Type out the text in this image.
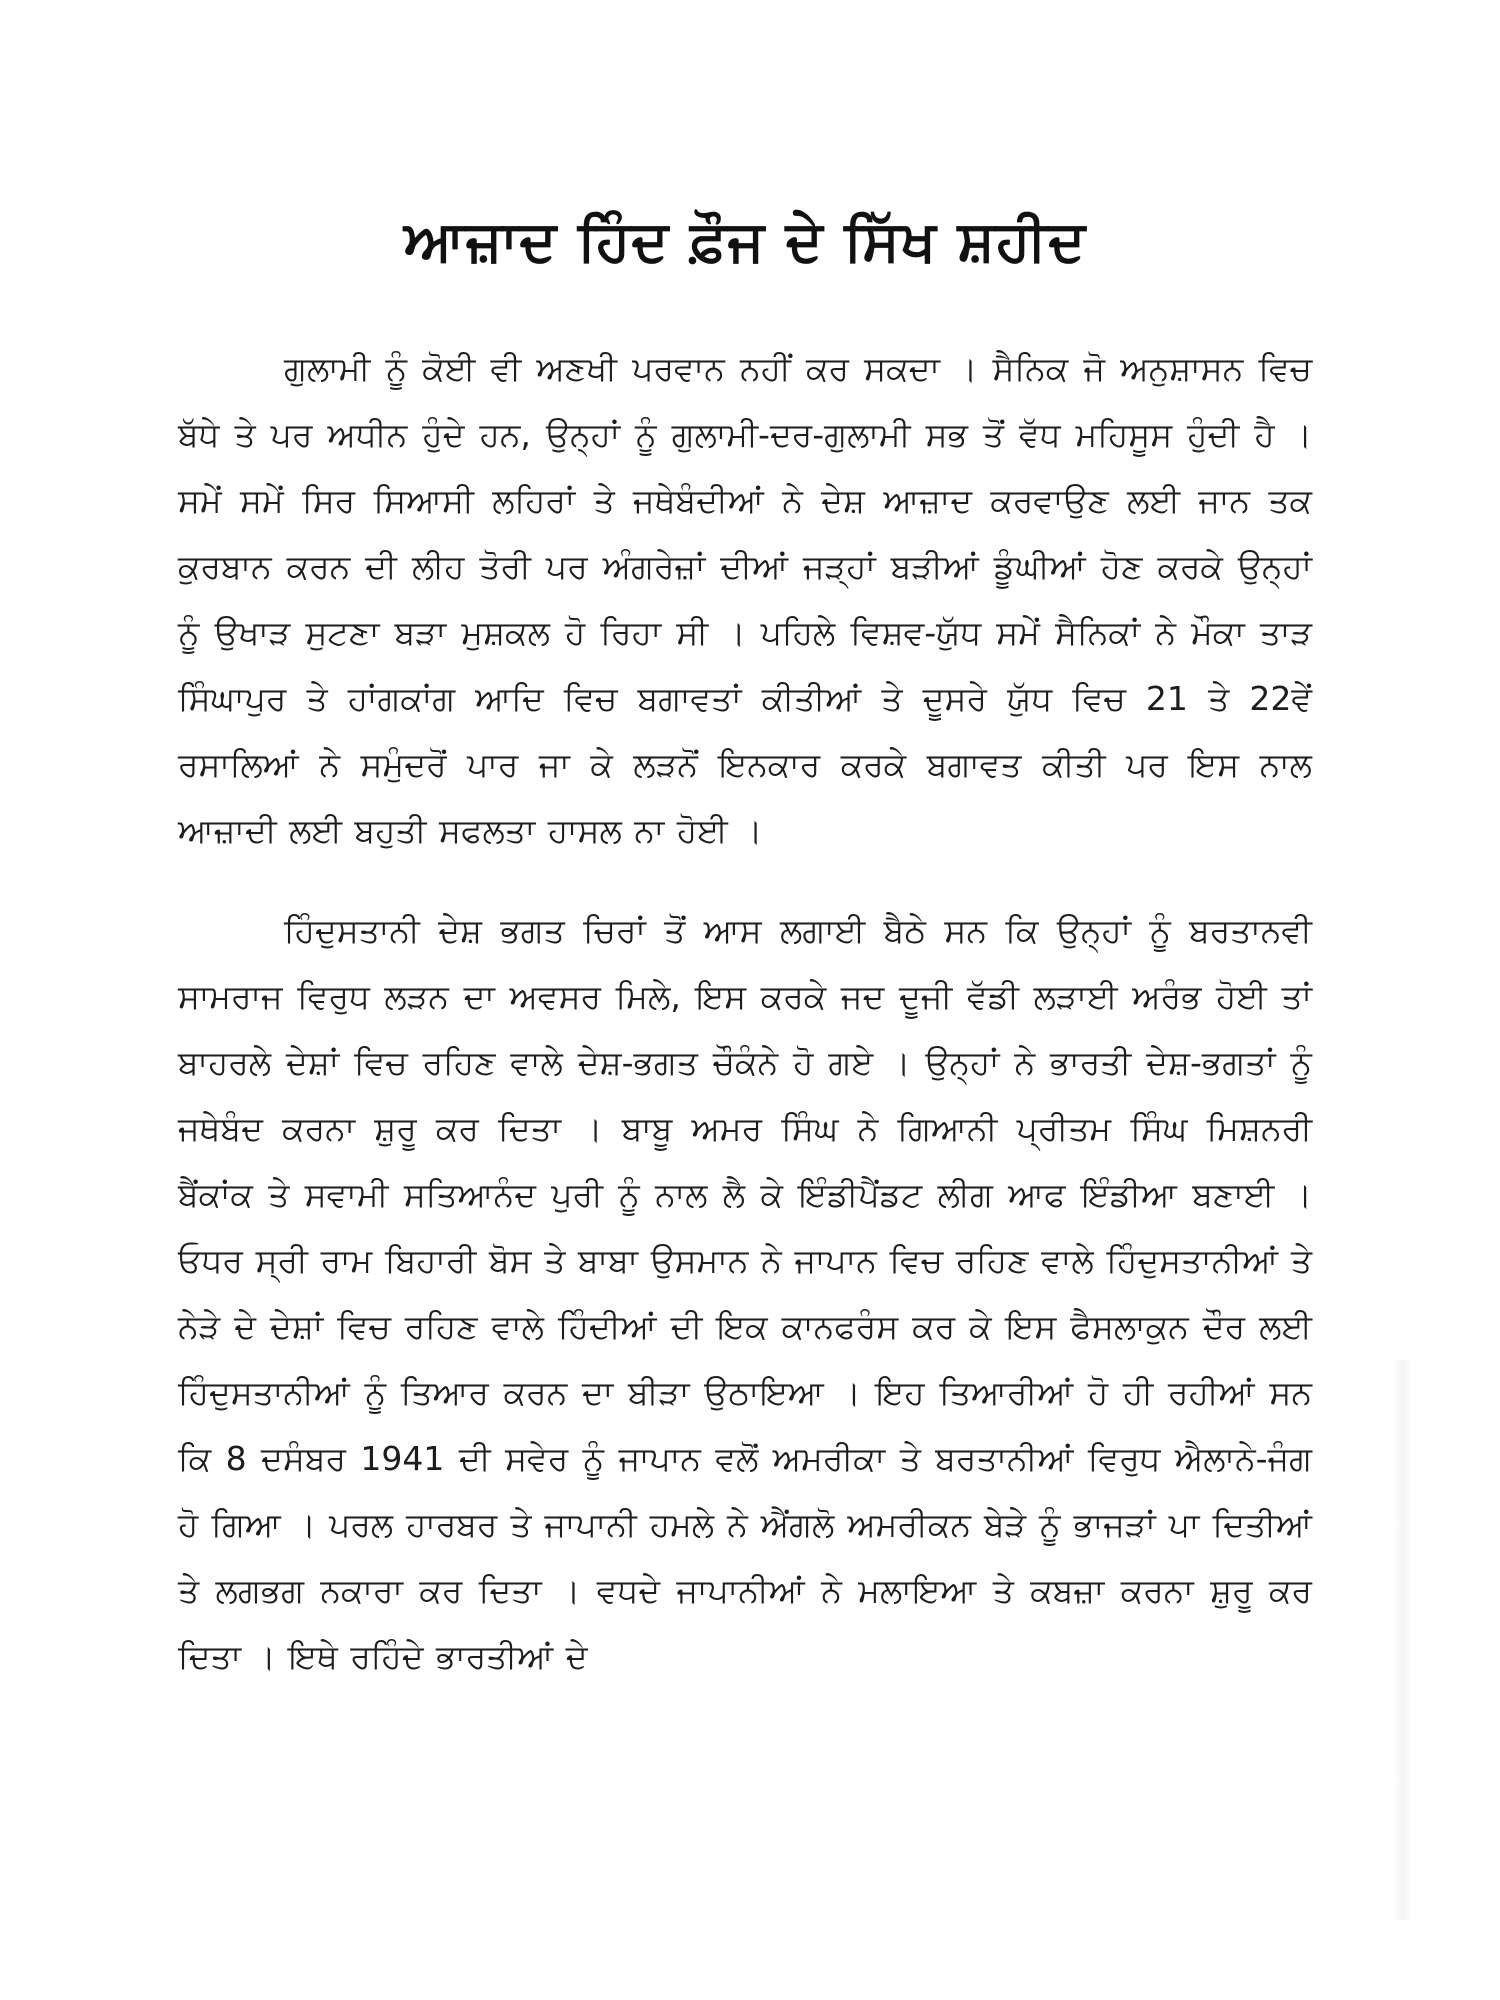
ਆਜ਼ਾਦ ਹਿੰਦ ਫ਼ੌਜ ਦੇ ਸਿੱਖ ਸ਼ਹੀਦ

ਗੁਲਾਮੀ ਨੂੰ ਕੋਈ ਵੀ ਅਣਖੀ ਪਰਵਾਨ ਨਹੀਂ ਕਰ ਸਕਦਾ । ਸੈਨਿਕ ਜੋ ਅਨੁਸ਼ਾਸਨ ਵਿਚ ਬੱਧੇ ਤੇ ਪਰ ਅਧੀਨ ਹੁੰਦੇ ਹਨ, ਉਨ੍ਹਾਂ ਨੂੰ ਗੁਲਾਮੀ-ਦਰ-ਗੁਲਾਮੀ ਸਭ ਤੋਂ ਵੱਧ ਮਹਿਸੂਸ ਹੁੰਦੀ ਹੈ । ਸਮੇਂ ਸਮੇਂ ਸਿਰ ਸਿਆਸੀ ਲਹਿਰਾਂ ਤੇ ਜਥੇਬੰਦੀਆਂ ਨੇ ਦੇਸ਼ ਆਜ਼ਾਦ ਕਰਵਾਉਣ ਲਈ ਜਾਨ ਤਕ ਕੁਰਬਾਨ ਕਰਨ ਦੀ ਲੀਹ ਤੋਰੀ ਪਰ ਅੰਗਰੇਜ਼ਾਂ ਦੀਆਂ ਜੜ੍ਹਾਂ ਬੜੀਆਂ ਡੂੰਘੀਆਂ ਹੋਣ ਕਰਕੇ ਉਨ੍ਹਾਂ ਨੂੰ ਉਖਾੜ ਸੁਟਣਾ ਬੜਾ ਮੁਸ਼ਕਲ ਹੋ ਰਿਹਾ ਸੀ । ਪਹਿਲੇ ਵਿਸ਼ਵ-ਯੁੱਧ ਸਮੇਂ ਸੈਨਿਕਾਂ ਨੇ ਮੌਕਾ ਤਾੜ ਸਿੰਘਾਪੁਰ ਤੇ ਹਾਂਗਕਾਂਗ ਆਦਿ ਵਿਚ ਬਗਾਵਤਾਂ ਕੀਤੀਆਂ ਤੇ ਦੂਸਰੇ ਯੁੱਧ ਵਿਚ 21 ਤੇ 22ਵੇਂ ਰਸਾਲਿਆਂ ਨੇ ਸਮੁੰਦਰੋਂ ਪਾਰ ਜਾ ਕੇ ਲੜਨੋਂ ਇਨਕਾਰ ਕਰਕੇ ਬਗਾਵਤ ਕੀਤੀ ਪਰ ਇਸ ਨਾਲ ਆਜ਼ਾਦੀ ਲਈ ਬਹੁਤੀ ਸਫਲਤਾ ਹਾਸਲ ਨਾ ਹੋਈ ।

ਹਿੰਦੁਸਤਾਨੀ ਦੇਸ਼ ਭਗਤ ਚਿਰਾਂ ਤੋਂ ਆਸ ਲਗਾਈ ਬੈਠੇ ਸਨ ਕਿ ਉਨ੍ਹਾਂ ਨੂੰ ਬਰਤਾਨਵੀ ਸਾਮਰਾਜ ਵਿਰੁਧ ਲੜਨ ਦਾ ਅਵਸਰ ਮਿਲੇ, ਇਸ ਕਰਕੇ ਜਦ ਦੂਜੀ ਵੱਡੀ ਲੜਾਈ ਅਰੰਭ ਹੋਈ ਤਾਂ ਬਾਹਰਲੇ ਦੇਸ਼ਾਂ ਵਿਚ ਰਹਿਣ ਵਾਲੇ ਦੇਸ਼-ਭਗਤ ਚੌਕੰਨੇ ਹੋ ਗਏ । ਉਨ੍ਹਾਂ ਨੇ ਭਾਰਤੀ ਦੇਸ਼-ਭਗਤਾਂ ਨੂੰ ਜਥੇਬੰਦ ਕਰਨਾ ਸ਼ੁਰੂ ਕਰ ਦਿਤਾ । ਬਾਬੂ ਅਮਰ ਸਿੰਘ ਨੇ ਗਿਆਨੀ ਪ੍ਰੀਤਮ ਸਿੰਘ ਮਿਸ਼ਨਰੀ ਬੈਂਕਾਂਕ ਤੇ ਸਵਾਮੀ ਸਤਿਆਨੰਦ ਪੁਰੀ ਨੂੰ ਨਾਲ ਲੈ ਕੇ ਇੰਡੀਪੈਂਡਟ ਲੀਗ ਆਫ ਇੰਡੀਆ ਬਣਾਈ । ਓਧਰ ਸ੍ਰੀ ਰਾਮ ਬਿਹਾਰੀ ਬੋਸ ਤੇ ਬਾਬਾ ਉਸਮਾਨ ਨੇ ਜਾਪਾਨ ਵਿਚ ਰਹਿਣ ਵਾਲੇ ਹਿੰਦੁਸਤਾਨੀਆਂ ਤੇ ਨੇੜੇ ਦੇ ਦੇਸ਼ਾਂ ਵਿਚ ਰਹਿਣ ਵਾਲੇ ਹਿੰਦੀਆਂ ਦੀ ਇਕ ਕਾਨਫਰੰਸ ਕਰ ਕੇ ਇਸ ਫੈਸਲਾਕੁਨ ਦੌਰ ਲਈ ਹਿੰਦੁਸਤਾਨੀਆਂ ਨੂੰ ਤਿਆਰ ਕਰਨ ਦਾ ਬੀੜਾ ਉਠਾਇਆ । ਇਹ ਤਿਆਰੀਆਂ ਹੋ ਹੀ ਰਹੀਆਂ ਸਨ ਕਿ 8 ਦਸੰਬਰ 1941 ਦੀ ਸਵੇਰ ਨੂੰ ਜਾਪਾਨ ਵਲੋਂ ਅਮਰੀਕਾ ਤੇ ਬਰਤਾਨੀਆਂ ਵਿਰੁਧ ਐਲਾਨੇ-ਜੰਗ ਹੋ ਗਿਆ । ਪਰਲ ਹਾਰਬਰ ਤੇ ਜਾਪਾਨੀ ਹਮਲੇ ਨੇ ਐਂਗਲੋ ਅਮਰੀਕਨ ਬੇੜੇ ਨੂੰ ਭਾਜੜਾਂ ਪਾ ਦਿਤੀਆਂ ਤੇ ਲਗਭਗ ਨਕਾਰਾ ਕਰ ਦਿਤਾ । ਵਧਦੇ ਜਾਪਾਨੀਆਂ ਨੇ ਮਲਾਇਆ ਤੇ ਕਬਜ਼ਾ ਕਰਨਾ ਸ਼ੁਰੂ ਕਰ ਦਿਤਾ । ਇਥੇ ਰਹਿੰਦੇ ਭਾਰਤੀਆਂ ਦੇ
